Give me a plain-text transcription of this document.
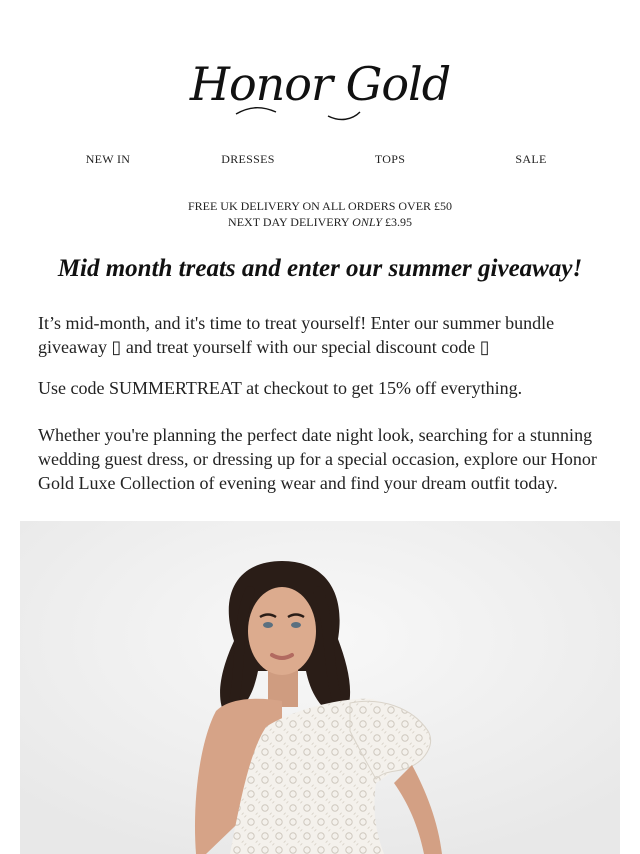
Honor Gold
NEW IN	DRESSES	TOPS	SALE
FREE UK DELIVERY ON ALL ORDERS OVER £50
NEXT DAY DELIVERY ONLY £3.95
Mid month treats and enter our summer giveaway!

It’s mid-month, and it's time to treat yourself! Enter our summer bundle giveaway ▯ and treat yourself with our special discount code ▯

Use code SUMMERTREAT at checkout to get 15% off everything.

Whether you're planning the perfect date night look, searching for a stunning wedding guest dress, or dressing up for a special occasion, explore our Honor Gold Luxe Collection of evening wear and find your dream outfit today.
